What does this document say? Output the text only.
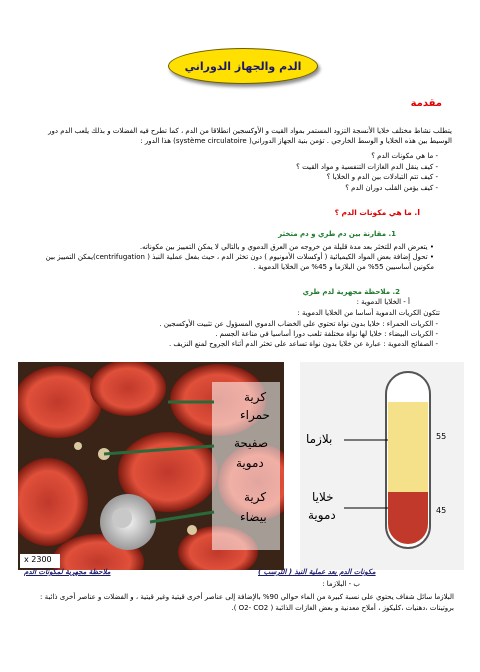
الدم والجهاز الدوراني
مقدمة
يتطلب نشاط مختلف خلايا الأنسجة التزود المستمر بمواد القيت و الأوكسجين انطلاقا من الدم ، كما تطرح فيه الفضلات و بذلك يلعب الدم دور الوسيط بين هذه الخلايا و الوسط الخارجي . تؤمن بنية الجهاز الدوراني( système circulatoire) هذا الدور :
- ما هي مكونات الدم ؟
- كيف ينقل الدم الغازات التنفسية و مواد القيت ؟
- كيف تتم التبادلات بين الدم و الخلايا ؟
- كيف يؤمن القلب دوران الدم ؟
I. ما هي مكونات الدم ؟
1. مقارنة بين دم طري و دم متخثر
• يتعرض الدم للتخثر بعد مدة قليلة من خروجه من العرق الدموي و بالتالي لا يمكن التمييز بين مكوناته.
• تحول إضافة بعض المواد الكيميائية ( أوكسلات الأمونيوم ) دون تخثر الدم ، حيث بفعل عملية النبذ ( centrifugation)يمكن التمييز بين مكونين أساسيين 55% من البلازما و 45% من الخلايا الدموية .
2. ملاحظة مجهرية لدم طري
أ - الخلايا الدموية :
تتكون الكريات الدموية أساسا من الخلايا الدموية :
- الكريات الحمراء : خلايا بدون نواة تحتوي على الخضاب الدموي المسؤول عن تثبيت الأوكسجين .
- الكريات البيضاء : خلايا لها نواة مختلفة تلعب دورا أساسيا في مناعة الجسم .
- الصفائح الدموية : عبارة عن خلايا بدون نواة تساعد على تخثر الدم أثناء الجروح لمنع النزيف .
كرية
حمراء
صفيحة
دموية
كرية
بيضاء
x 2300
بلازما
خلايا
دموية
55
45
ملاحظة مجهرية لمكونات الدم	مكونات الدم بعد عملية النبذ ( الترسب )
ب - البلازما :
البلازما سائل شفاف يحتوي على نسبة كبيرة من الماء حوالي 90% بالإضافة إلى عناصر أخرى قيتية وغير قيتية ، و الفضلات و عناصر أخرى ذائبة : بروتينات ،دهنيات ،كليكوز ، أملاح معدنية و بعض الغازات الذائبة ( O2- CO2 ).
